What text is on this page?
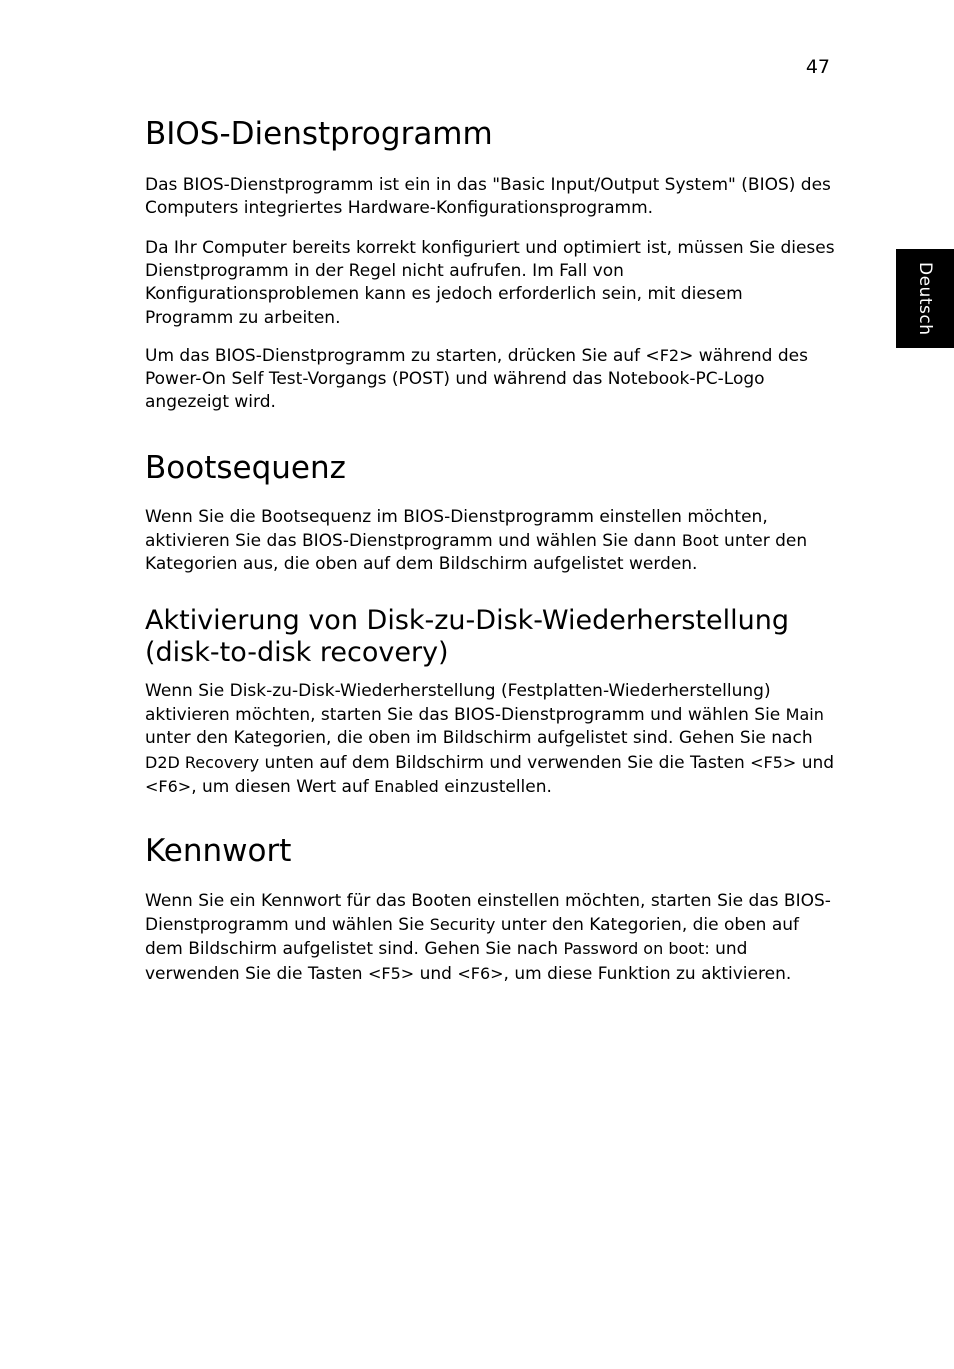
47
Deutsch
BIOS-Dienstprogramm

Das BIOS-Dienstprogramm ist ein in das "Basic Input/Output System" (BIOS) des Computers integriertes Hardware-Konfigurationsprogramm.

Da Ihr Computer bereits korrekt konfiguriert und optimiert ist, müssen Sie dieses Dienstprogramm in der Regel nicht aufrufen. Im Fall von Konfigurationsproblemen kann es jedoch erforderlich sein, mit diesem Programm zu arbeiten.

Um das BIOS-Dienstprogramm zu starten, drücken Sie auf <F2> während des Power-On Self Test-Vorgangs (POST) und während das Notebook-PC-Logo angezeigt wird.

Bootsequenz

Wenn Sie die Bootsequenz im BIOS-Dienstprogramm einstellen möchten, aktivieren Sie das BIOS-Dienstprogramm und wählen Sie dann Boot unter den Kategorien aus, die oben auf dem Bildschirm aufgelistet werden.

Aktivierung von Disk-zu-Disk-Wiederherstellung
(disk-to-disk recovery)

Wenn Sie Disk-zu-Disk-Wiederherstellung (Festplatten-Wiederherstellung) aktivieren möchten, starten Sie das BIOS-Dienstprogramm und wählen Sie Main unter den Kategorien, die oben im Bildschirm aufgelistet sind. Gehen Sie nach D2D Recovery unten auf dem Bildschirm und verwenden Sie die Tasten <F5> und <F6>, um diesen Wert auf Enabled einzustellen.

Kennwort

Wenn Sie ein Kennwort für das Booten einstellen möchten, starten Sie das BIOS-Dienstprogramm und wählen Sie Security unter den Kategorien, die oben auf dem Bildschirm aufgelistet sind. Gehen Sie nach Password on boot: und verwenden Sie die Tasten <F5> und <F6>, um diese Funktion zu aktivieren.
